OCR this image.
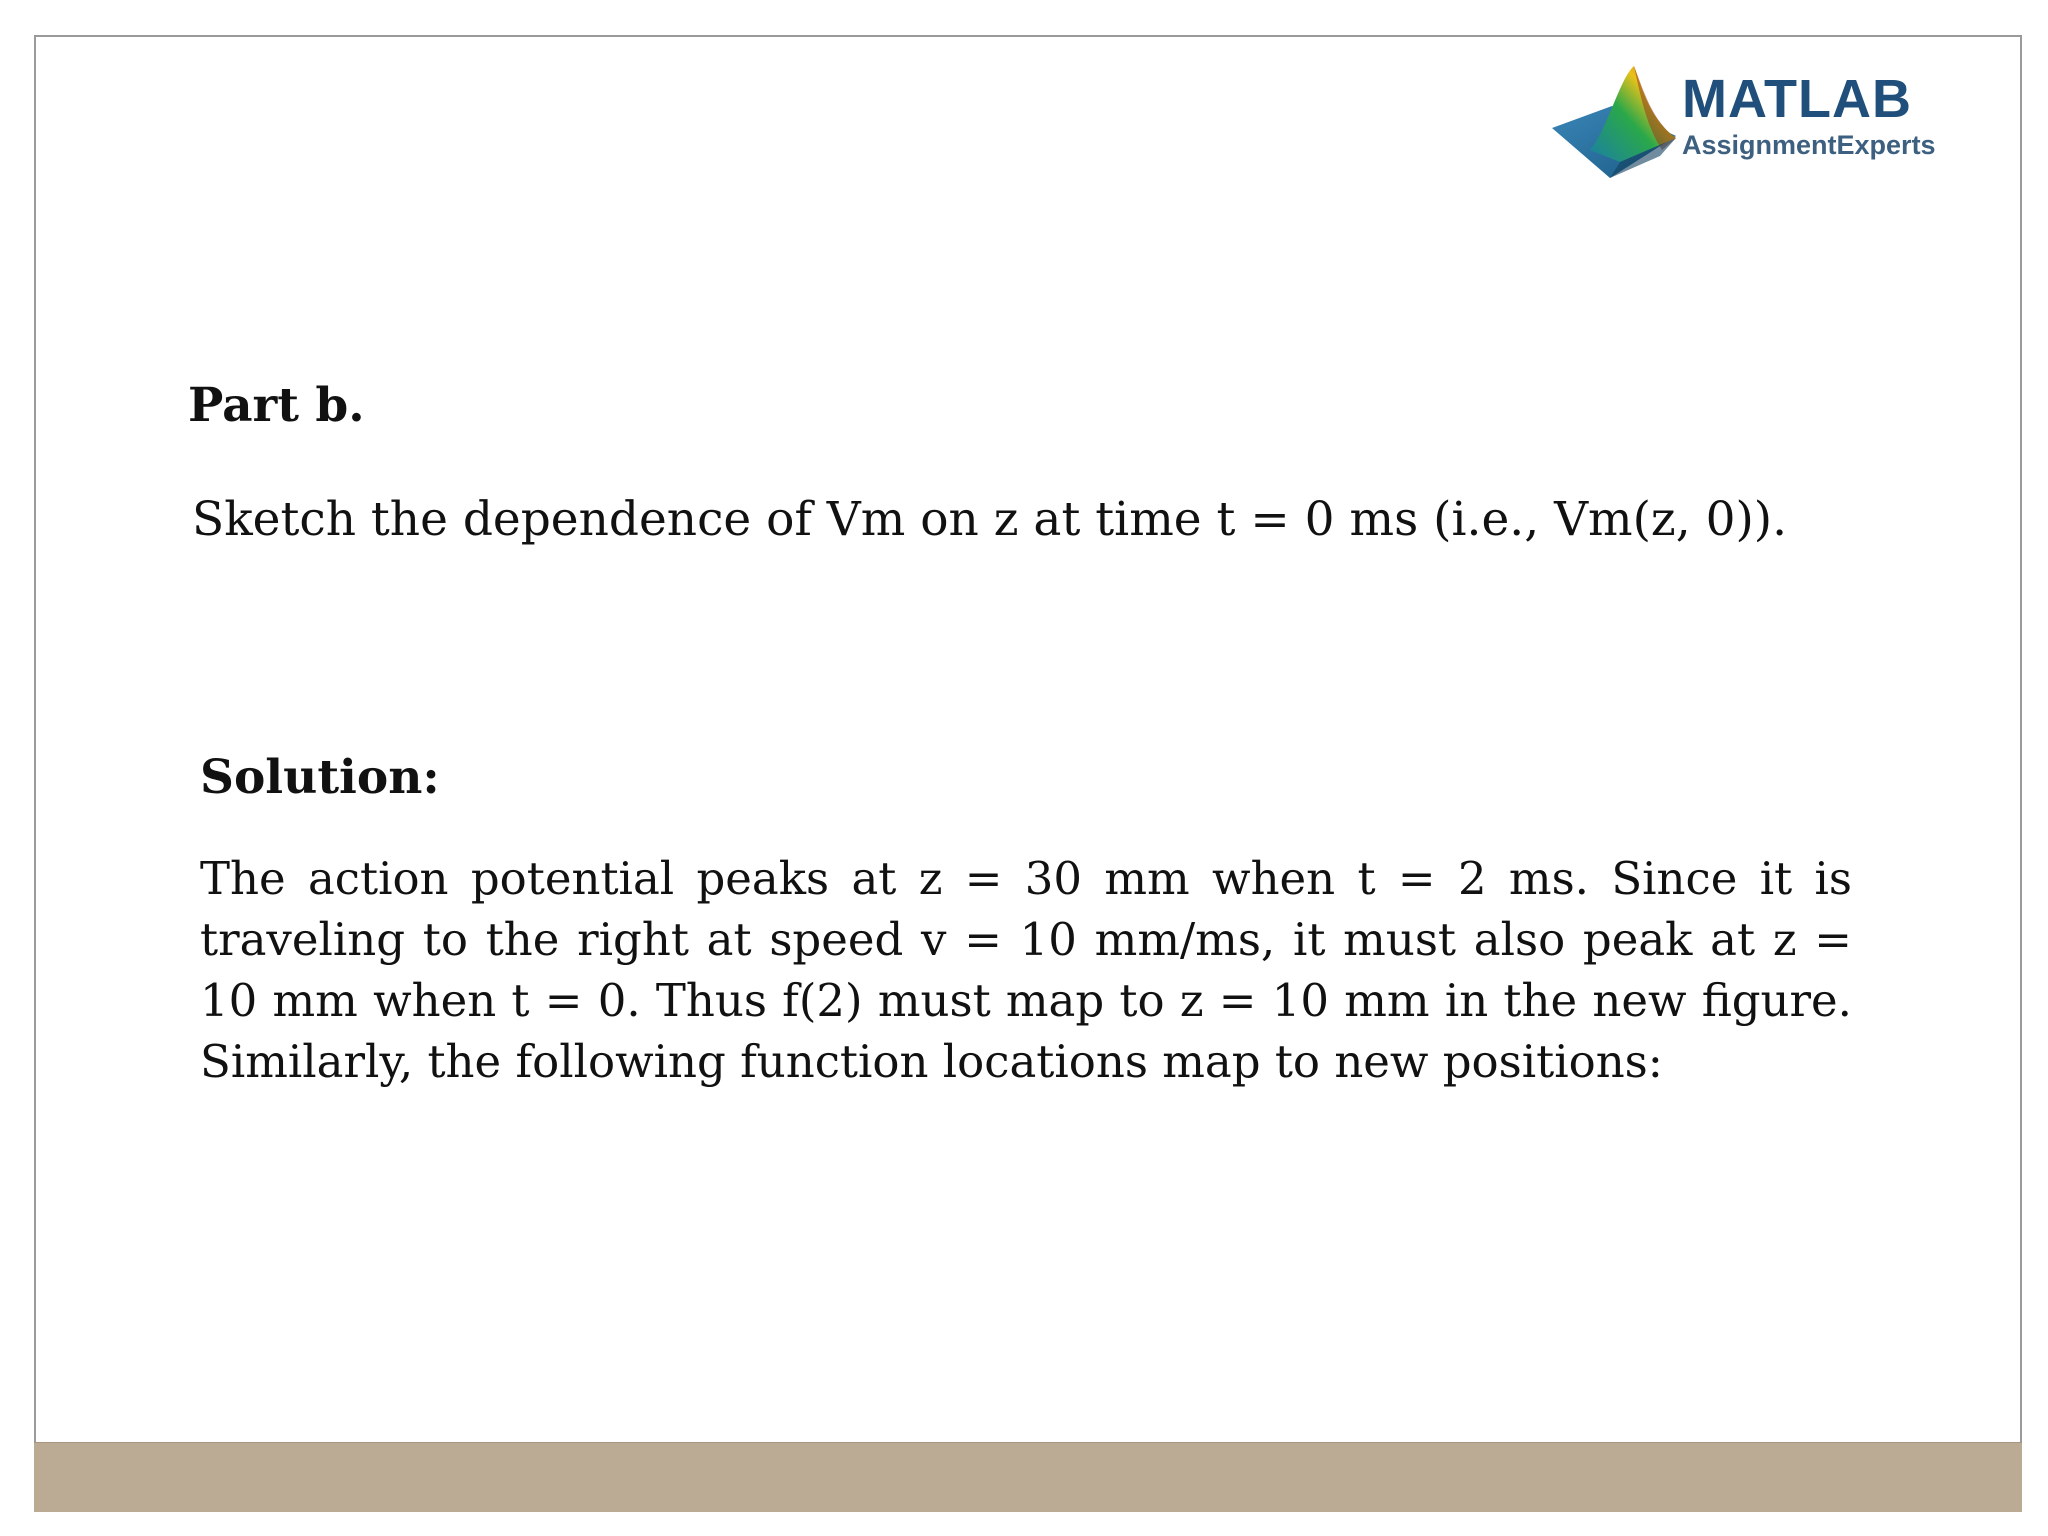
MATLAB
AssignmentExperts
Part b.
Sketch the dependence of Vm on z at time t = 0 ms (i.e., Vm(z, 0)).
Solution:
The action potential peaks at z = 30 mm when t = 2 ms. Since it is traveling to the right at speed v = 10 mm/ms, it must also peak at z = 10 mm when t = 0. Thus f(2) must map to z = 10 mm in the new figure. Similarly, the following function locations map to new positions:
